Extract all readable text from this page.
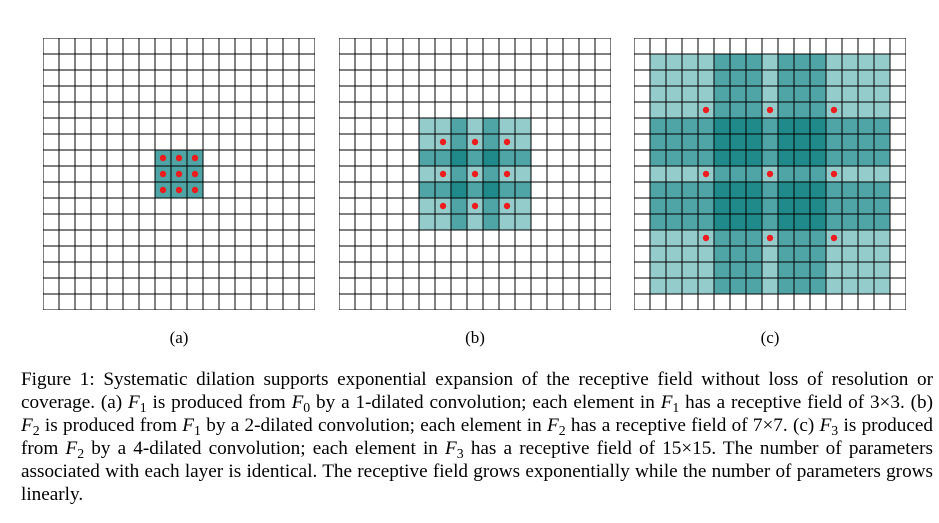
(a)	(b)	(c)

Figure 1: Systematic dilation supports exponential expansion of the receptive field without loss of resolution or coverage. (a) $F_1$ is produced from $F_0$ by a 1-dilated convolution; each element in $F_1$ has a receptive field of 3×3. (b) $F_2$ is produced from $F_1$ by a 2-dilated convolution; each element in $F_2$ has a receptive field of 7×7. (c) $F_3$ is produced from $F_2$ by a 4-dilated convolution; each element in $F_3$ has a receptive field of 15×15. The number of parameters associated with each layer is identical. The receptive field grows exponentially while the number of parameters grows linearly.
